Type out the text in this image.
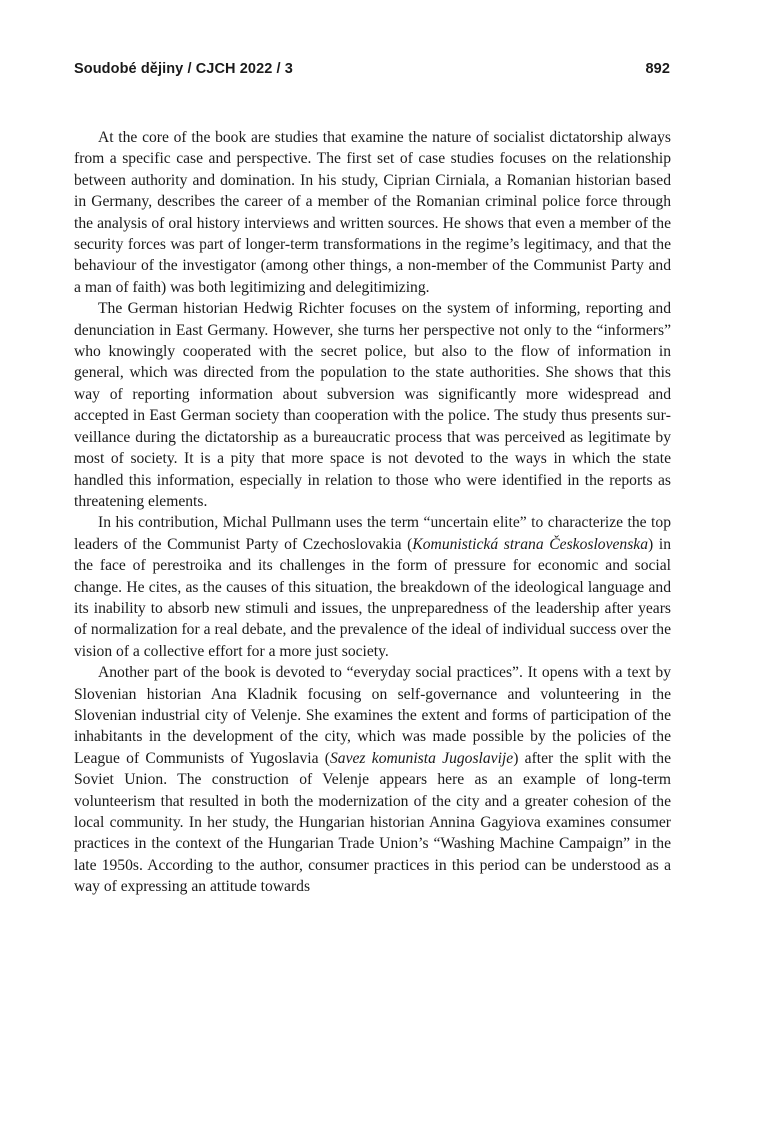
Soudobé dějiny / CJCH 2022 / 3	892

At the core of the book are studies that examine the nature of socialist dictatorship always from a specific case and perspective. The first set of case studies focuses on the relationship between authority and domination. In his study, Ciprian Cirniala, a Romanian historian based in Germany, describes the career of a member of the Romanian criminal police force through the analysis of oral history interviews and written sources. He shows that even a member of the security forces was part of longer-term transformations in the regime’s legitimacy, and that the behaviour of the investigator (among other things, a non-member of the Communist Party and a man of faith) was both legitimizing and delegitimizing.

The German historian Hedwig Richter focuses on the system of informing, reporting and denunciation in East Germany. However, she turns her perspective not only to the “informers” who knowingly cooperated with the secret police, but also to the flow of information in general, which was directed from the population to the state authorities. She shows that this way of reporting information about subversion was significantly more widespread and accepted in East German society than cooperation with the police. The study thus presents surveillance during the dictatorship as a bureaucratic process that was perceived as legitimate by most of society. It is a pity that more space is not devoted to the ways in which the state handled this information, especially in relation to those who were identified in the reports as threatening elements.

In his contribution, Michal Pullmann uses the term “uncertain elite” to characterize the top leaders of the Communist Party of Czechoslovakia (Komunistická strana Československa) in the face of perestroika and its challenges in the form of pressure for economic and social change. He cites, as the causes of this situation, the breakdown of the ideological language and its inability to absorb new stimuli and issues, the unpreparedness of the leadership after years of normalization for a real debate, and the prevalence of the ideal of individual success over the vision of a collective effort for a more just society.

Another part of the book is devoted to “everyday social practices”. It opens with a text by Slovenian historian Ana Kladnik focusing on self-governance and volunteering in the Slovenian industrial city of Velenje. She examines the extent and forms of participation of the inhabitants in the development of the city, which was made possible by the policies of the League of Communists of Yugoslavia (Savez komunista Jugoslavije) after the split with the Soviet Union. The construction of Velenje appears here as an example of long-term volunteerism that resulted in both the modernization of the city and a greater cohesion of the local community. In her study, the Hungarian historian Annina Gagyiova examines consumer practices in the context of the Hungarian Trade Union’s “Washing Machine Campaign” in the late 1950s. According to the author, consumer practices in this period can be understood as a way of expressing an attitude towards
